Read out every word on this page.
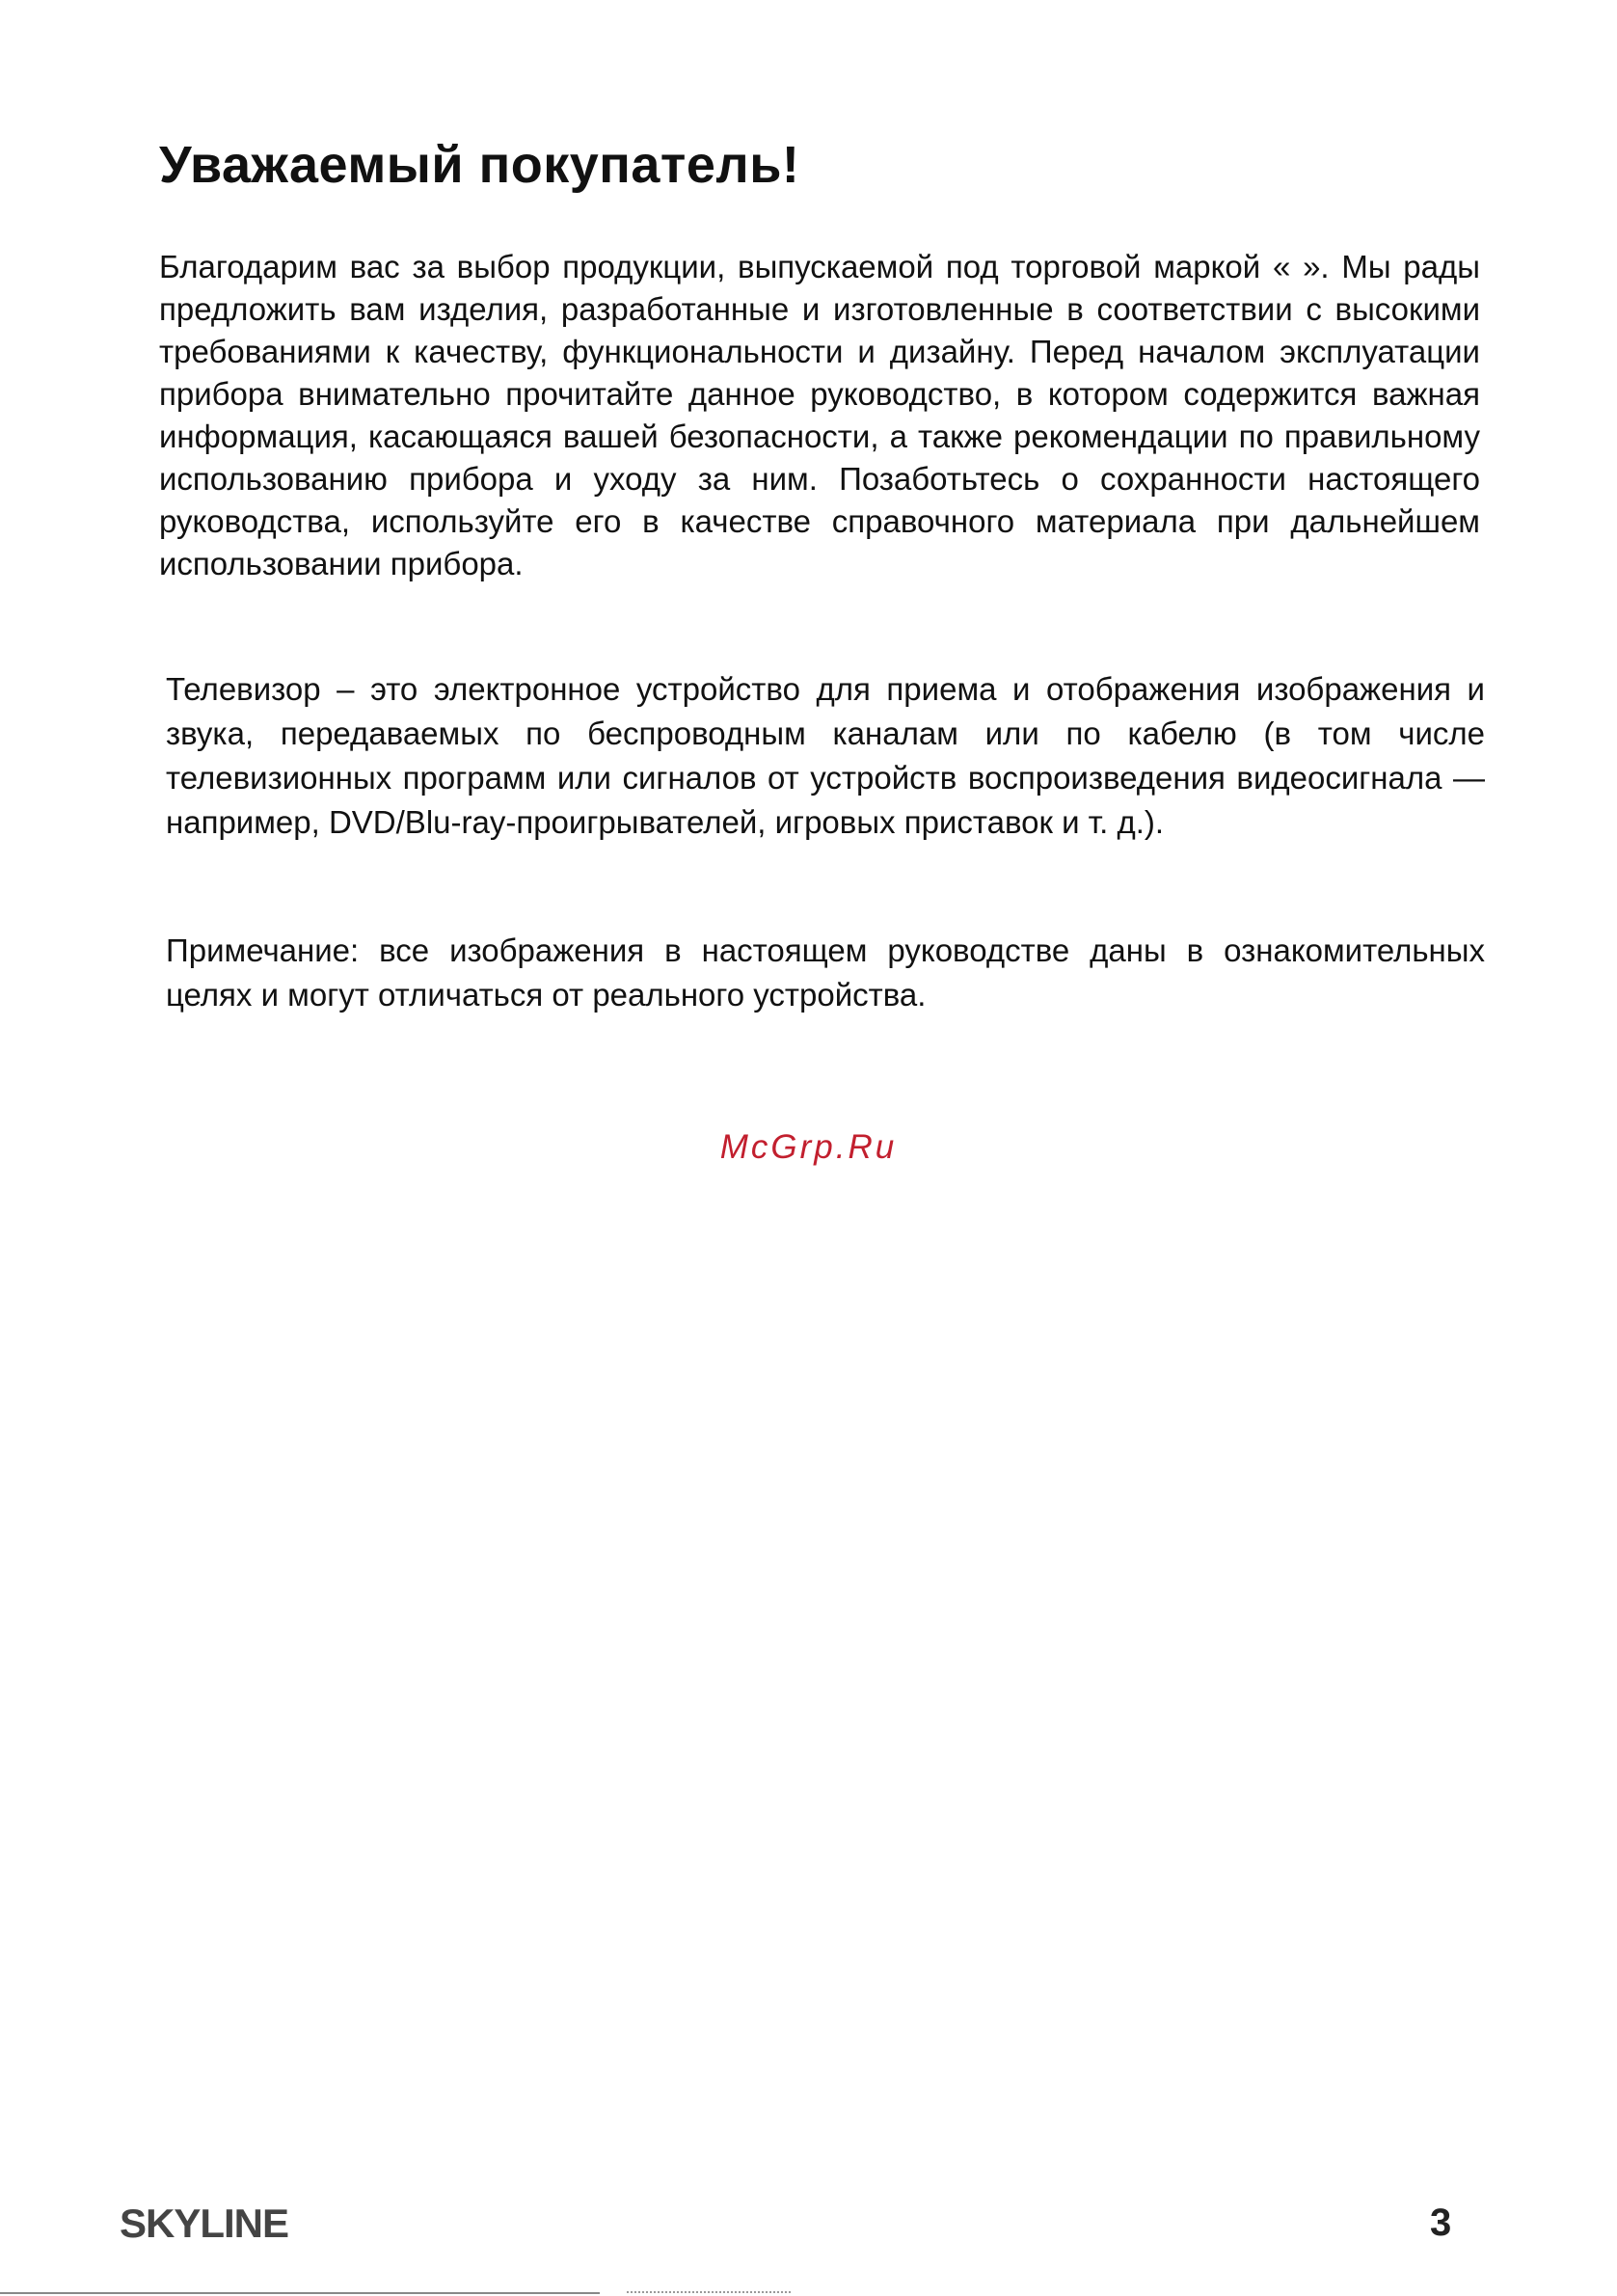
Уважаемый покупатель!

Благодарим вас за выбор продукции, выпускаемой под торговой маркой « ». Мы рады предложить вам изделия, разработанные и изготовленные в соответствии с высокими требованиями к качеству, функциональности и дизайну. Перед началом эксплуатации прибора внимательно прочитайте данное руководство, в котором содержится важная информация, касающаяся вашей безопасности, а также рекомендации по правильному использованию прибора и уходу за ним. Позаботьтесь о сохранности настоящего руководства, используйте его в качестве справочного материала при дальнейшем использовании прибора.

Телевизор – это электронное устройство для приема и отображения изображения и звука, передаваемых по беспроводным каналам или по кабелю (в том числе телевизионных программ или сигналов от устройств воспроизведения видеосигнала — например, DVD/Blu-ray-проигрывателей, игровых приставок и т. д.).

Примечание: все изображения в настоящем руководстве даны в ознакомительных целях и могут отличаться от реального устройства.

McGrp.Ru
SKYLINE	3
